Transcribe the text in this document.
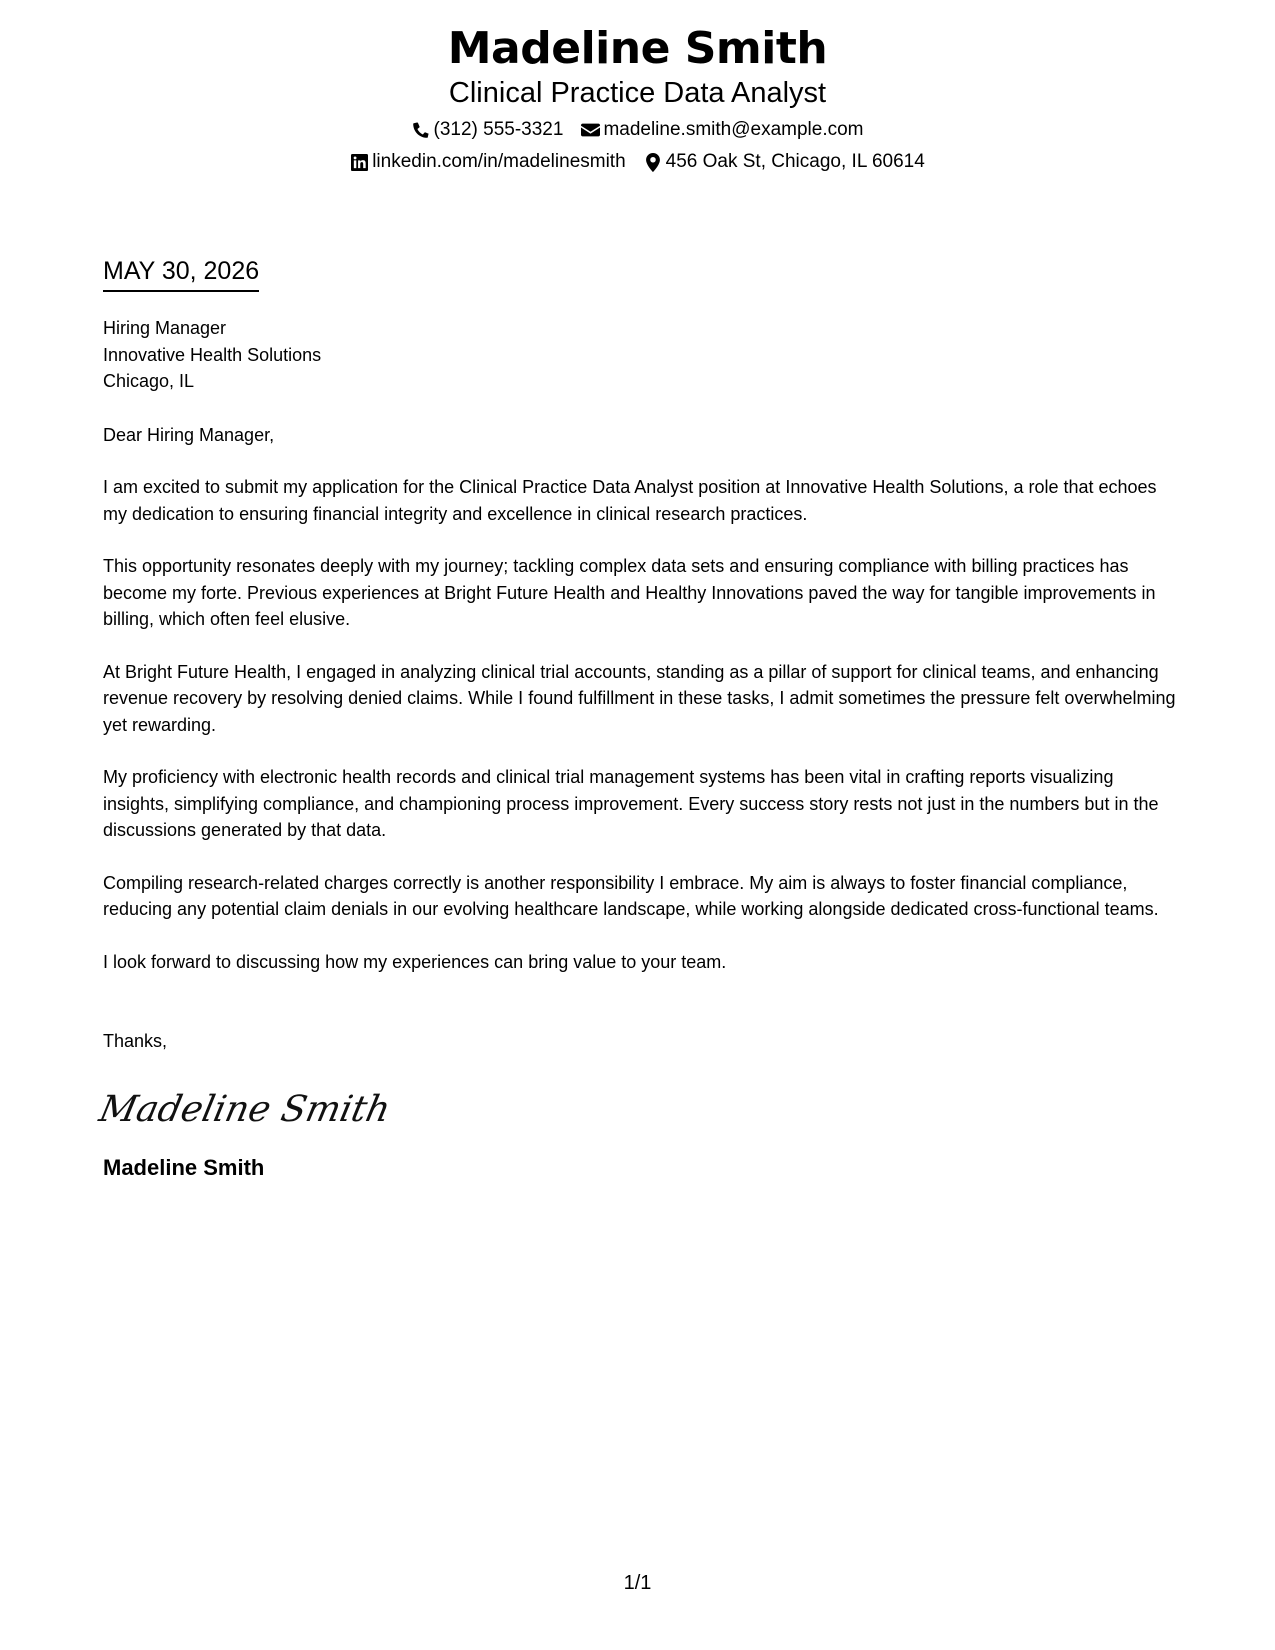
Madeline Smith
Clinical Practice Data Analyst
(312) 555-3321 madeline.smith@example.com
linkedin.com/in/madelinesmith 456 Oak St, Chicago, IL 60614
MAY 30, 2026
Hiring Manager
Innovative Health Solutions
Chicago, IL
Dear Hiring Manager,
I am excited to submit my application for the Clinical Practice Data Analyst position at Innovative Health Solutions, a role that echoes my dedication to ensuring financial integrity and excellence in clinical research practices.
This opportunity resonates deeply with my journey; tackling complex data sets and ensuring compliance with billing practices has become my forte. Previous experiences at Bright Future Health and Healthy Innovations paved the way for tangible improvements in billing, which often feel elusive.
At Bright Future Health, I engaged in analyzing clinical trial accounts, standing as a pillar of support for clinical teams, and enhancing revenue recovery by resolving denied claims. While I found fulfillment in these tasks, I admit sometimes the pressure felt overwhelming yet rewarding.
My proficiency with electronic health records and clinical trial management systems has been vital in crafting reports visualizing insights, simplifying compliance, and championing process improvement. Every success story rests not just in the numbers but in the discussions generated by that data.
Compiling research-related charges correctly is another responsibility I embrace. My aim is always to foster financial compliance, reducing any potential claim denials in our evolving healthcare landscape, while working alongside dedicated cross-functional teams.
I look forward to discussing how my experiences can bring value to your team.
Thanks,
Madeline Smith
Madeline Smith
1/1
